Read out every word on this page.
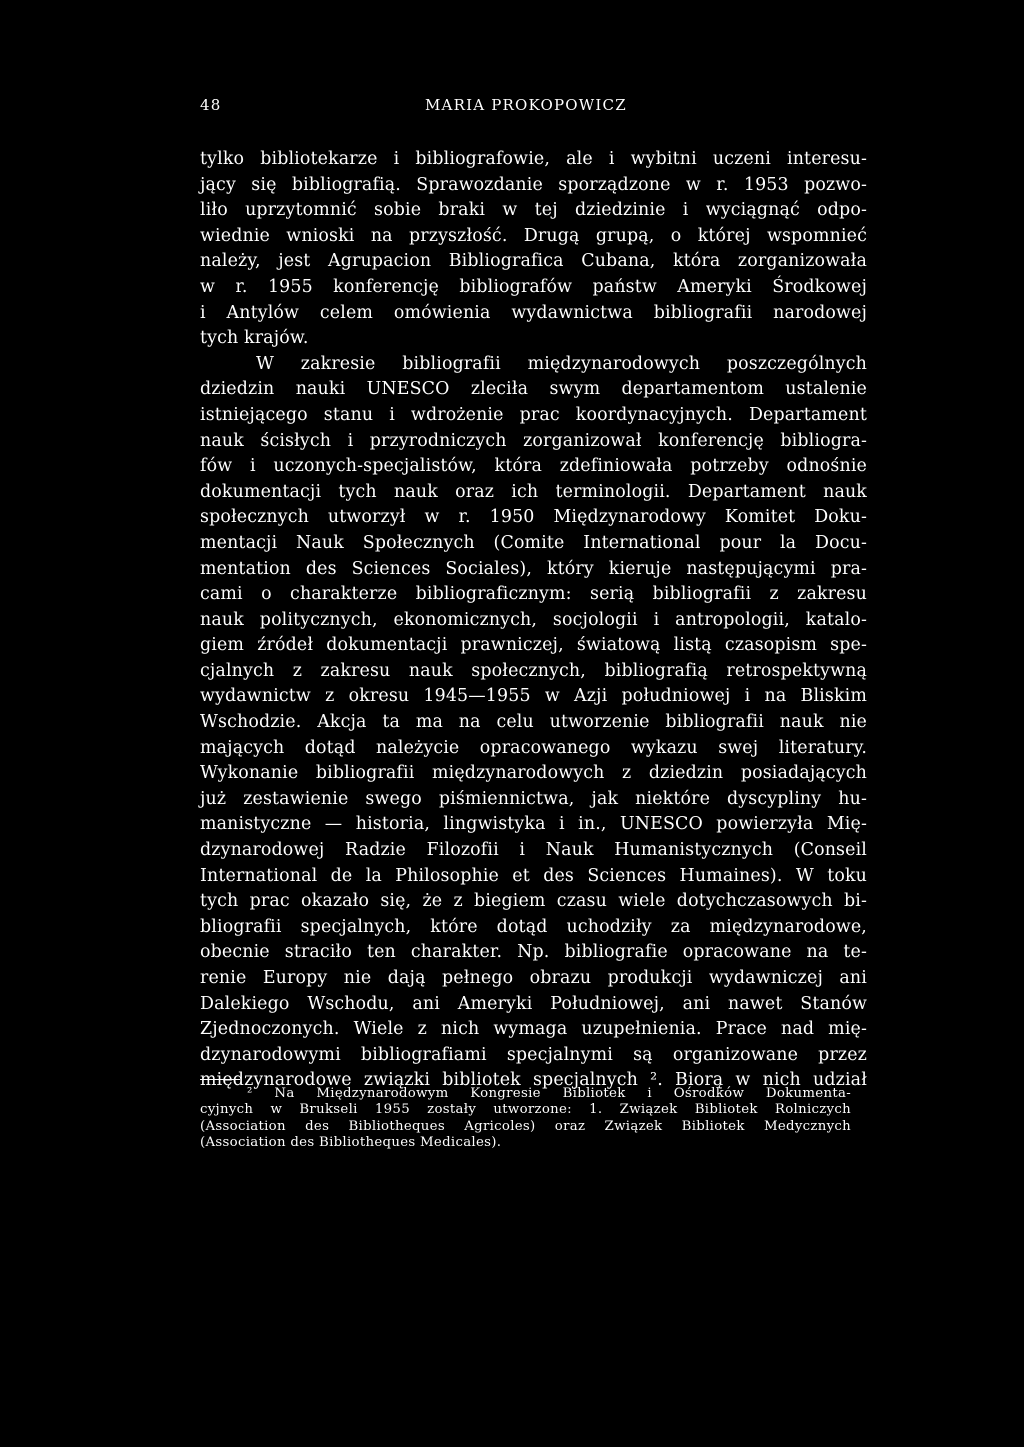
48	MARIA PROKOPOWICZ
tylko bibliotekarze i bibliografowie, ale i wybitni uczeni interesu-
jący się bibliografią. Sprawozdanie sporządzone w r. 1953 pozwo-
liło uprzytomnić sobie braki w tej dziedzinie i wyciągnąć odpo-
wiednie wnioski na przyszłość. Drugą grupą, o której wspomnieć
należy, jest Agrupacion Bibliografica Cubana, która zorganizowała
w r. 1955 konferencję bibliografów państw Ameryki Środkowej
i Antylów celem omówienia wydawnictwa bibliografii narodowej
tych krajów.
W zakresie bibliografii międzynarodowych poszczególnych
dziedzin nauki UNESCO zleciła swym departamentom ustalenie
istniejącego stanu i wdrożenie prac koordynacyjnych. Departament
nauk ścisłych i przyrodniczych zorganizował konferencję bibliogra-
fów i uczonych-specjalistów, która zdefiniowała potrzeby odnośnie
dokumentacji tych nauk oraz ich terminologii. Departament nauk
społecznych utworzył w r. 1950 Międzynarodowy Komitet Doku-
mentacji Nauk Społecznych (Comite International pour la Docu-
mentation des Sciences Sociales), który kieruje następującymi pra-
cami o charakterze bibliograficznym: serią bibliografii z zakresu
nauk politycznych, ekonomicznych, socjologii i antropologii, katalo-
giem źródeł dokumentacji prawniczej, światową listą czasopism spe-
cjalnych z zakresu nauk społecznych, bibliografią retrospektywną
wydawnictw z okresu 1945—1955 w Azji południowej i na Bliskim
Wschodzie. Akcja ta ma na celu utworzenie bibliografii nauk nie
mających dotąd należycie opracowanego wykazu swej literatury.
Wykonanie bibliografii międzynarodowych z dziedzin posiadających
już zestawienie swego piśmiennictwa, jak niektóre dyscypliny hu-
manistyczne — historia, lingwistyka i in., UNESCO powierzyła Mię-
dzynarodowej Radzie Filozofii i Nauk Humanistycznych (Conseil
International de la Philosophie et des Sciences Humaines). W toku
tych prac okazało się, że z biegiem czasu wiele dotychczasowych bi-
bliografii specjalnych, które dotąd uchodziły za międzynarodowe,
obecnie straciło ten charakter. Np. bibliografie opracowane na te-
renie Europy nie dają pełnego obrazu produkcji wydawniczej ani
Dalekiego Wschodu, ani Ameryki Południowej, ani nawet Stanów
Zjednoczonych. Wiele z nich wymaga uzupełnienia. Prace nad mię-
dzynarodowymi bibliografiami specjalnymi są organizowane przez
międzynarodowe związki bibliotek specjalnych ². Biorą w nich udział
² Na Międzynarodowym Kongresie Bibliotek i Ośrodków Dokumenta-
cyjnych w Brukseli 1955 zostały utworzone: 1. Związek Bibliotek Rolniczych
(Association des Bibliotheques Agricoles) oraz Związek Bibliotek Medycznych
(Association des Bibliotheques Medicales).
